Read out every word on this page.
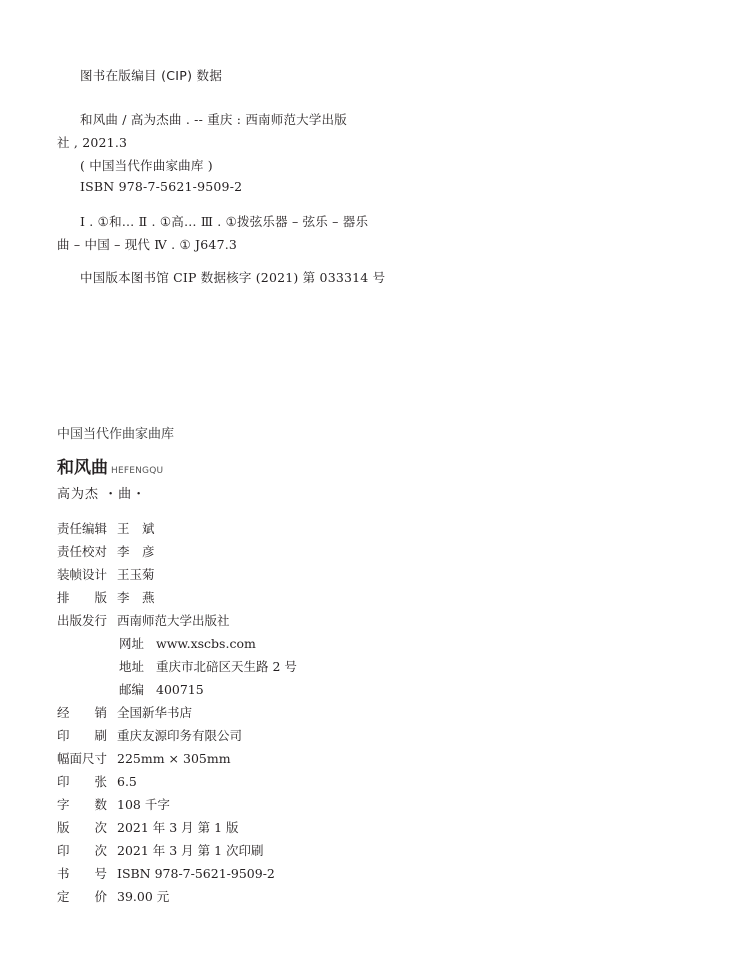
图书在版编目 (CIP) 数据
和风曲 / 高为杰曲 . -- 重庆 : 西南师范大学出版
社 , 2021.3
( 中国当代作曲家曲库 )
ISBN 978-7-5621-9509-2
Ⅰ . ①和… Ⅱ . ①高… Ⅲ . ①拨弦乐器 – 弦乐 – 器乐
曲 – 中国 – 现代 Ⅳ . ① J647.3
中国版本图书馆 CIP 数据核字 (2021) 第 033314 号
中国当代作曲家曲库
和风曲 HEFENGQU
高为杰 ・曲・
责任编辑 王　斌
责任校对 李　彦
装帧设计 王玉菊
排　　版 李　燕
出版发行 西南师范大学出版社
网址 www.xscbs.com
地址 重庆市北碚区天生路 2 号
邮编 400715
经　　销 全国新华书店
印　　刷 重庆友源印务有限公司
幅面尺寸 225mm × 305mm
印　　张 6.5
字　　数 108 千字
版　　次 2021 年 3 月 第 1 版
印　　次 2021 年 3 月 第 1 次印刷
书　　号 ISBN 978-7-5621-9509-2
定　　价 39.00 元
